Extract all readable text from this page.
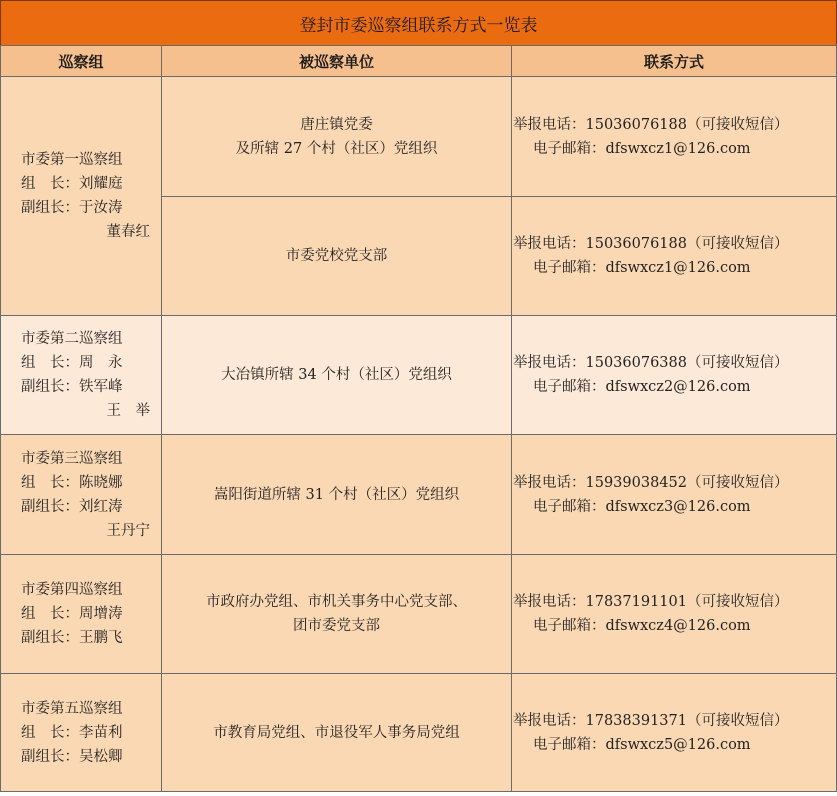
登封市委巡察组联系方式一览表
巡察组	被巡察单位	联系方式

市委第一巡察组
组　长：刘耀庭
副组长：于汝涛
董春红	唐庄镇党委
及所辖 27 个村（社区）党组织	举报电话：15036076188（可接收短信）
电子邮箱：dfswxcz1@126.com

	市委党校党支部	举报电话：15036076188（可接收短信）
电子邮箱：dfswxcz1@126.com

市委第二巡察组
组　长：周　永
副组长：铁军峰
王　举	大冶镇所辖 34 个村（社区）党组织	举报电话：15036076388（可接收短信）
电子邮箱：dfswxcz2@126.com

市委第三巡察组
组　长：陈晓娜
副组长：刘红涛
王丹宁	嵩阳街道所辖 31 个村（社区）党组织	举报电话：15939038452（可接收短信）
电子邮箱：dfswxcz3@126.com

市委第四巡察组
组　长：周增涛
副组长：王鹏飞	市政府办党组、市机关事务中心党支部、
团市委党支部	举报电话：17837191101（可接收短信）
电子邮箱：dfswxcz4@126.com

市委第五巡察组
组　长：李苗利
副组长：吴松卿	市教育局党组、市退役军人事务局党组	举报电话：17838391371（可接收短信）
电子邮箱：dfswxcz5@126.com
